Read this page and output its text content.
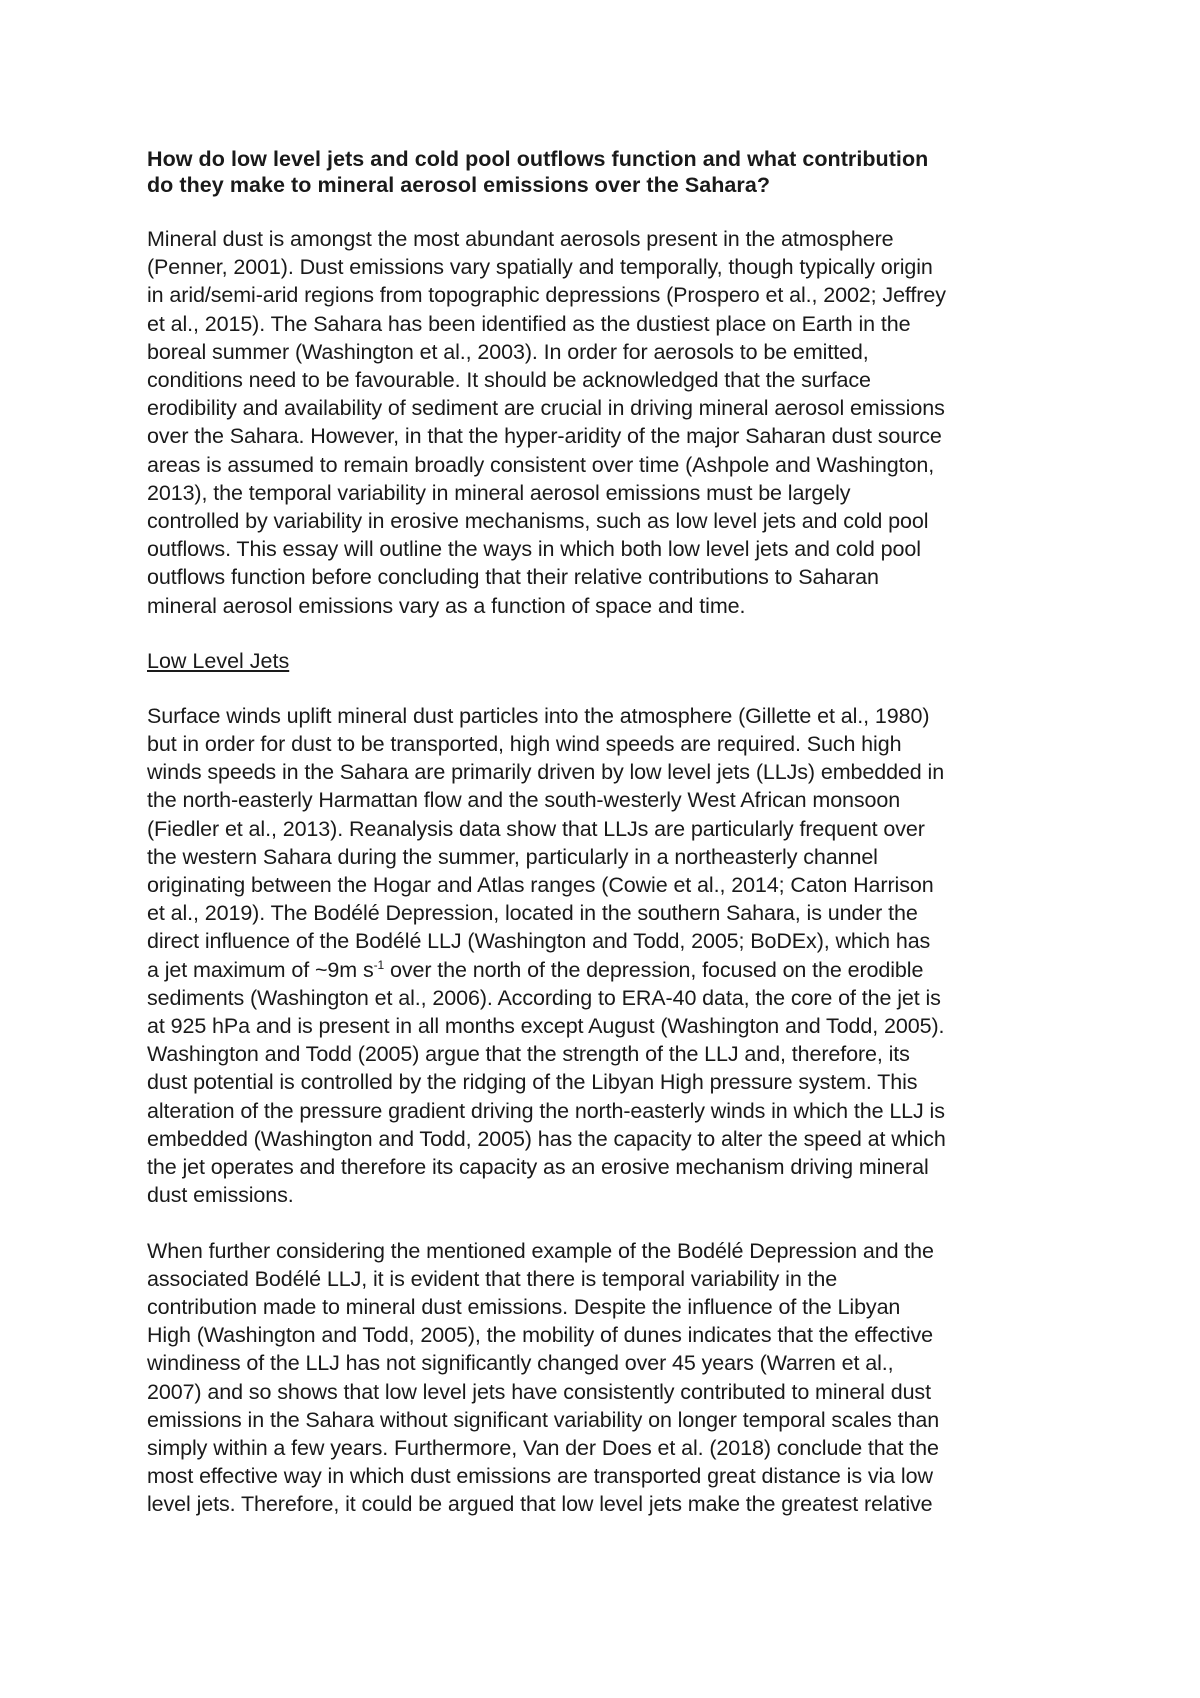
How do low level jets and cold pool outflows function and what contribution
do they make to mineral aerosol emissions over the Sahara?

Mineral dust is amongst the most abundant aerosols present in the atmosphere
(Penner, 2001). Dust emissions vary spatially and temporally, though typically origin
in arid/semi-arid regions from topographic depressions (Prospero et al., 2002; Jeffrey
et al., 2015). The Sahara has been identified as the dustiest place on Earth in the
boreal summer (Washington et al., 2003). In order for aerosols to be emitted,
conditions need to be favourable. It should be acknowledged that the surface
erodibility and availability of sediment are crucial in driving mineral aerosol emissions
over the Sahara. However, in that the hyper-aridity of the major Saharan dust source
areas is assumed to remain broadly consistent over time (Ashpole and Washington,
2013), the temporal variability in mineral aerosol emissions must be largely
controlled by variability in erosive mechanisms, such as low level jets and cold pool
outflows. This essay will outline the ways in which both low level jets and cold pool
outflows function before concluding that their relative contributions to Saharan
mineral aerosol emissions vary as a function of space and time.

Low Level Jets

Surface winds uplift mineral dust particles into the atmosphere (Gillette et al., 1980)
but in order for dust to be transported, high wind speeds are required. Such high
winds speeds in the Sahara are primarily driven by low level jets (LLJs) embedded in
the north-easterly Harmattan flow and the south-westerly West African monsoon
(Fiedler et al., 2013). Reanalysis data show that LLJs are particularly frequent over
the western Sahara during the summer, particularly in a northeasterly channel
originating between the Hogar and Atlas ranges (Cowie et al., 2014; Caton Harrison
et al., 2019). The Bodélé Depression, located in the southern Sahara, is under the
direct influence of the Bodélé LLJ (Washington and Todd, 2005; BoDEx), which has
a jet maximum of ~9m $s^{-1}$ over the north of the depression, focused on the erodible
sediments (Washington et al., 2006). According to ERA-40 data, the core of the jet is
at 925 hPa and is present in all months except August (Washington and Todd, 2005).
Washington and Todd (2005) argue that the strength of the LLJ and, therefore, its
dust potential is controlled by the ridging of the Libyan High pressure system. This
alteration of the pressure gradient driving the north-easterly winds in which the LLJ is
embedded (Washington and Todd, 2005) has the capacity to alter the speed at which
the jet operates and therefore its capacity as an erosive mechanism driving mineral
dust emissions.

When further considering the mentioned example of the Bodélé Depression and the
associated Bodélé LLJ, it is evident that there is temporal variability in the
contribution made to mineral dust emissions. Despite the influence of the Libyan
High (Washington and Todd, 2005), the mobility of dunes indicates that the effective
windiness of the LLJ has not significantly changed over 45 years (Warren et al.,
2007) and so shows that low level jets have consistently contributed to mineral dust
emissions in the Sahara without significant variability on longer temporal scales than
simply within a few years. Furthermore, Van der Does et al. (2018) conclude that the
most effective way in which dust emissions are transported great distance is via low
level jets. Therefore, it could be argued that low level jets make the greatest relative
